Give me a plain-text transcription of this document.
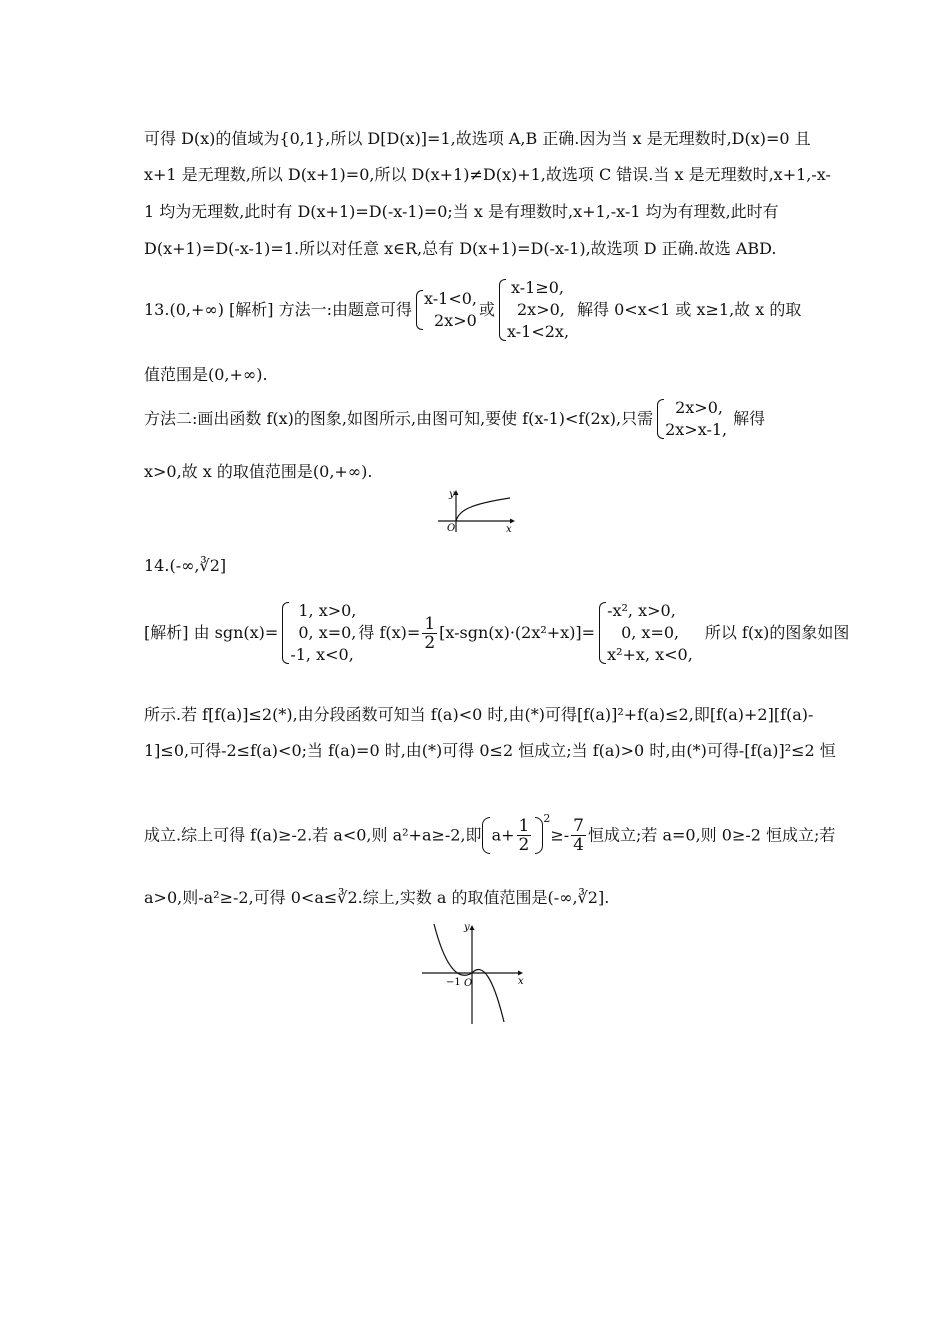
可得 D(x)的值域为{0,1},所以 D[D(x)]=1,故选项 A,B 正确.因为当 x 是无理数时,D(x)=0 且
x+1 是无理数,所以 D(x+1)=0,所以 D(x+1)≠D(x)+1,故选项 C 错误.当 x 是无理数时,x+1,-x-
1 均为无理数,此时有 D(x+1)=D(-x-1)=0;当 x 是有理数时,x+1,-x-1 均为有理数,此时有
D(x+1)=D(-x-1)=1.所以对任意 x∈R,总有 D(x+1)=D(-x-1),故选项 D 正确.故选 ABD.
13.(0,+∞) [解析] 方法一:由题意可得
x-1<0,
2x>0
或
x-1≥0,
2x>0,
x-1<2x,
解得 0<x<1 或 x≥1,故 x 的取
值范围是(0,+∞).
方法二:画出函数 f(x)的图象,如图所示,由图可知,要使 f(x-1)<f(2x),只需
2x>0,
2x>x-1,
解得
x>0,故 x 的取值范围是(0,+∞).
y
x
O
14.(-∞,∛2]
[解析] 由 sgn(x)=
1, x>0,
0, x=0,
-1, x<0,
得 $f(x)= \frac{1}{2} [x-sgn(x)\cdot(2x^2+x)]=$
-x², x>0,
0, x=0,
x²+x, x<0,
所以 f(x)的图象如图
所示.若 f[f(a)]≤2(*),由分段函数可知当 f(a)<0 时,由(*)可得[f(a)]²+f(a)≤2,即[f(a)+2][f(a)-
1]≤0,可得-2≤f(a)<0;当 f(a)=0 时,由(*)可得 0≤2 恒成立;当 f(a)>0 时,由(*)可得-[f(a)]²≤2 恒
成立.综上可得 f(a)≥-2.若 a<0,则 a²+a≥-2,即 $a+ \frac{1}{2} ^2\ge- \frac{7}{4}$ 恒成立;若 a=0,则 0≥-2 恒成立;若
a>0,则-a²≥-2,可得 0<a≤∛2.综上,实数 a 的取值范围是(-∞,∛2].
y
x
O
−1
